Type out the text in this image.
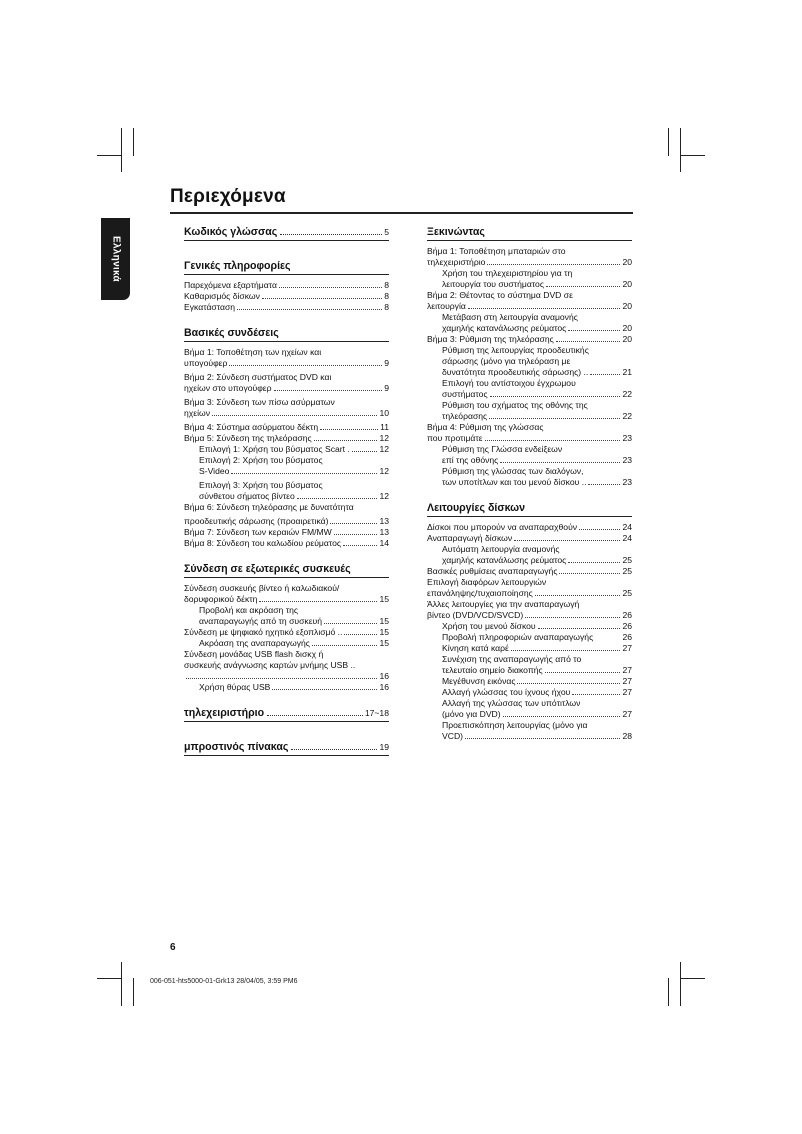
Περιεχόμενα
Ελληνικά
Κωδικός γλώσσας	5
Γενικές πληροφορίες
Παρεχόμενα εξαρτήματα	8
Καθαρισμός δίσκων	8
Εγκατάσταση	8
Βασικές συνδέσεις
Βήμα 1: Τοποθέτηση των ηχείων και
υπογούφερ	9
Βήμα 2: Σύνδεση συστήματος DVD και
ηχείων στο υπογούφερ	9
Βήμα 3: Σύνδεση των πίσω ασύρματων
ηχείων	10
Βήμα 4: Σύστημα ασύρματου δέκτη	11
Βήμα 5: Σύνδεση της τηλεόρασης	12
Επιλογή 1: Χρήση του βύσματος Scart .	12
Επιλογή 2: Χρήση του βύσματος
S-Video	12
Επιλογή 3: Χρήση του βύσματος
σύνθετου σήματος βίντεο	12
Βήμα 6: Σύνδεση τηλεόρασης με δυνατότητα
προοδευτικής σάρωσης (προαιρετικά)	13
Βήμα 7: Σύνδεση των κεραιών FM/MW	13
Βήμα 8: Σύνδεση του καλωδίου ρεύματος	14
Σύνδεση σε εξωτερικές συσκευές
Σύνδεση συσκευής βίντεο ή καλωδιακού/
δορυφορικού δέκτη	15
Προβολή και ακρόαση της
αναπαραγωγής από τη συσκευή	15
Σύνδεση με ψηφιακό ηχητικό εξοπλισμό ..	15
Ακρόαση της αναπαραγωγής	15
Σύνδεση μονάδας USB flash δισκχ ή
συσκευής ανάγνωσης καρτών μνήμης USB ..
16
Χρήση θύρας USB	16
τηλεχειριστήριο	17~18
μπροστινός πίνακας	19
Ξεκινώντας
Βήμα 1: Τοποθέτηση μπαταριών στο
τηλεχειριστήριο	20
Χρήση του τηλεχειριστηρίου για τη
λειτουργία του συστήματος	20
Βήμα 2: Θέτοντας το σύστημα DVD σε
λειτουργία	20
Μετάβαση στη λειτουργία αναμονής
χαμηλής κατανάλωσης ρεύματος	20
Βήμα 3: Ρύθμιση της τηλεόρασης	20
Ρύθμιση της λειτουργίας προοδευτικής
σάρωσης (μόνο για τηλεόραση με
δυνατότητα προοδευτικής σάρωσης) ..	21
Επιλογή του αντίστοιχου έγχρωμου
συστήματος	22
Ρύθμιση του σχήματος της οθόνης της
τηλεόρασης	22
Βήμα 4: Ρύθμιση της γλώσσας
που προτιμάτε	23
Ρύθμιση της Γλώσσα ενδείξεων
επί της οθόνης	23
Ρύθμιση της γλώσσας των διαλόγων,
των υποτίτλων και του μενού δίσκου ..	23
Λειτουργίες δίσκων
Δίσκοι που μπορούν να αναπαραχθούν	24
Αναπαραγωγή δίσκων	24
Αυτόματη λειτουργία αναμονής
χαμηλής κατανάλωσης ρεύματος	25
Βασικές ρυθμίσεις αναπαραγωγής	25
Επιλογή διαφόρων λειτουργιών
επανάληψης/τυχαιοποίησης	25
Άλλες λειτουργίες για την αναπαραγωγή
βίντεο (DVD/VCD/SVCD)	26
Χρήση του μενού δίσκου	26
Προβολή πληροφοριών αναπαραγωγής	26
Κίνηση κατά καρέ	27
Συνέχιση της αναπαραγωγής από το
τελευταίο σημείο διακοπής	27
Μεγέθυνση εικόνας	27
Αλλαγή γλώσσας του ίχνους ήχου	27
Αλλαγή της γλώσσας των υπότιτλων
(μόνο για DVD)	27
Προεπισκόπηση λειτουργίας (μόνο για
VCD)	28
6
006-051-hts5000-01-Grk13 28/04/05, 3:59 PM6
